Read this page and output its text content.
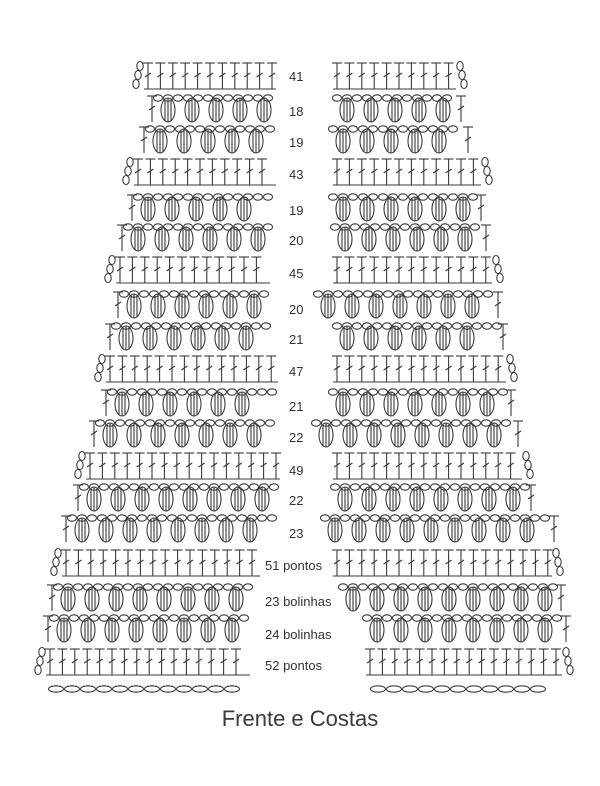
41
18
19
43
19
20
45
20
21
47
21
22
49
22
23
51 pontos
23 bolinhas
24 bolinhas
52 pontos
Frente e Costas
